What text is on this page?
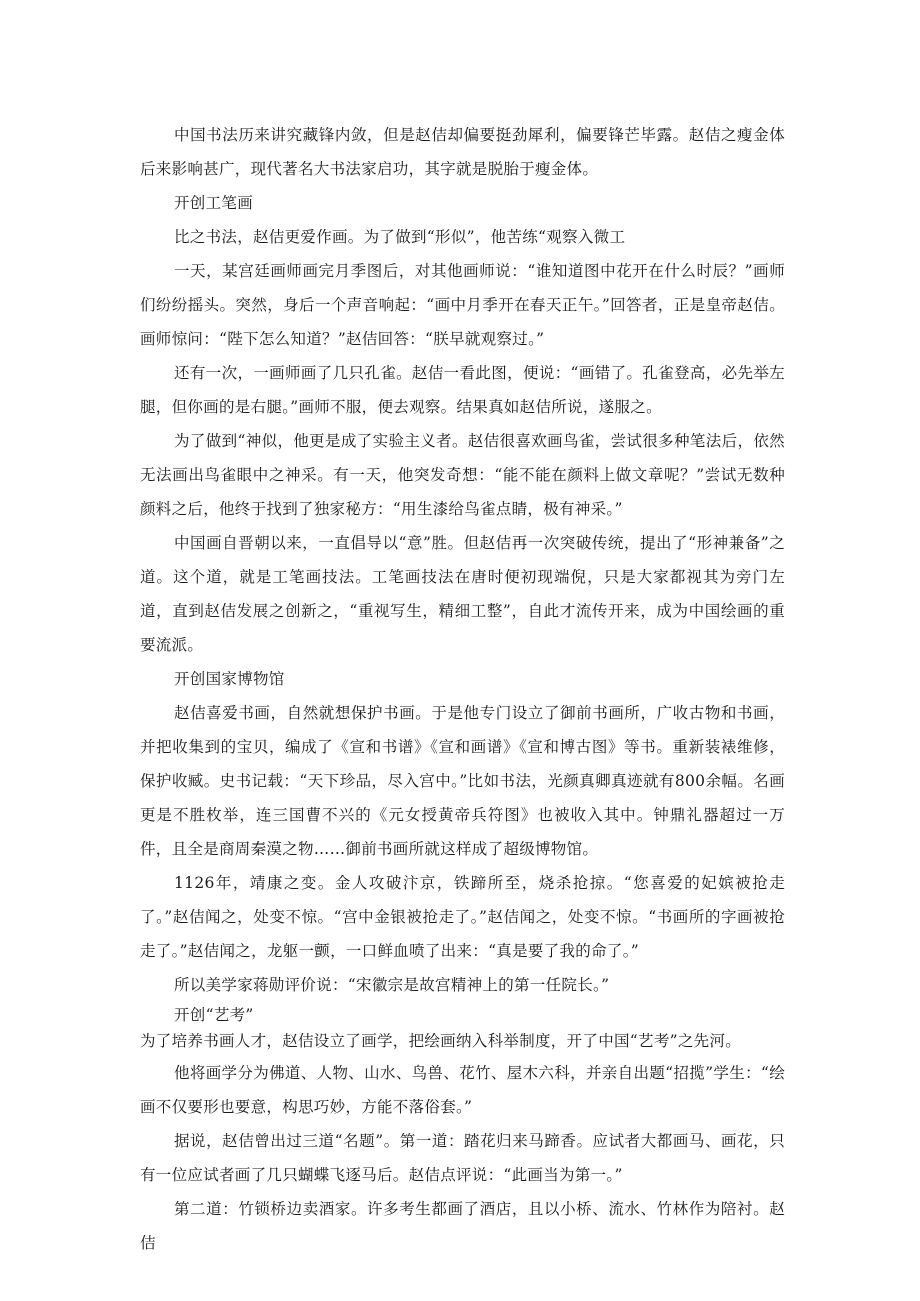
中国书法历来讲究藏锋内敛，但是赵佶却偏要挺劲犀利，偏要锋芒毕露。赵佶之瘦金体后来影响甚广，现代著名大书法家启功，其字就是脱胎于瘦金体。

开创工笔画

比之书法，赵佶更爱作画。为了做到“形似”，他苦练“观察入微工

一天，某宫廷画师画完月季图后，对其他画师说：“谁知道图中花开在什么时辰？”画师们纷纷摇头。突然，身后一个声音响起：“画中月季开在春天正午。”回答者，正是皇帝赵佶。画师惊问：“陛下怎么知道？”赵佶回答：“朕早就观察过。”

还有一次，一画师画了几只孔雀。赵佶一看此图，便说：“画错了。孔雀登高，必先举左腿，但你画的是右腿。”画师不服，便去观察。结果真如赵佶所说，遂服之。

为了做到“神似，他更是成了实验主义者。赵佶很喜欢画鸟雀，尝试很多种笔法后，依然无法画出鸟雀眼中之神采。有一天，他突发奇想：“能不能在颜料上做文章呢？”尝试无数种颜料之后，他终于找到了独家秘方：“用生漆给鸟雀点睛，极有神采。”

中国画自晋朝以来，一直倡导以“意”胜。但赵佶再一次突破传统，提出了“形神兼备”之道。这个道，就是工笔画技法。工笔画技法在唐时便初现端倪，只是大家都视其为旁门左道，直到赵佶发展之创新之，“重视写生，精细工整”，自此才流传开来，成为中国绘画的重要流派。

开创国家博物馆

赵佶喜爱书画，自然就想保护书画。于是他专门设立了御前书画所，广收古物和书画，并把收集到的宝贝，编成了《宣和书谱》《宣和画谱》《宣和博古图》等书。重新装裱维修，保护收臧。史书记载：“天下珍品，尽入宫中。”比如书法，光颜真卿真迹就有800余幅。名画更是不胜枚举，连三国曹不兴的《元女授黄帝兵符图》也被收入其中。钟鼎礼器超过一万件，且全是商周秦漠之物……御前书画所就这样成了超级博物馆。

1126年，靖康之变。金人攻破汴京，铁蹄所至，烧杀抢掠。“您喜爱的妃嫔被抢走了。”赵佶闻之，处变不惊。“宫中金银被抢走了。”赵佶闻之，处变不惊。“书画所的字画被抢走了。”赵佶闻之，龙躯一颤，一口鲜血喷了出来：“真是要了我的命了。”

所以美学家蒋勋评价说：“宋徽宗是故宫精神上的第一任院长。”

开创“艺考”

为了培养书画人才，赵佶设立了画学，把绘画纳入科举制度，开了中国“艺考”之先河。

他将画学分为佛道、人物、山水、鸟兽、花竹、屋木六科，并亲自出题“招揽”学生：“绘画不仅要形也要意，构思巧妙，方能不落俗套。”

据说，赵佶曾出过三道“名题”。第一道：踏花归来马蹄香。应试者大都画马、画花，只有一位应试者画了几只蝴蝶飞逐马后。赵佶点评说：“此画当为第一。”

第二道：竹锁桥边卖酒家。许多考生都画了酒店，且以小桥、流水、竹林作为陪衬。赵佶
